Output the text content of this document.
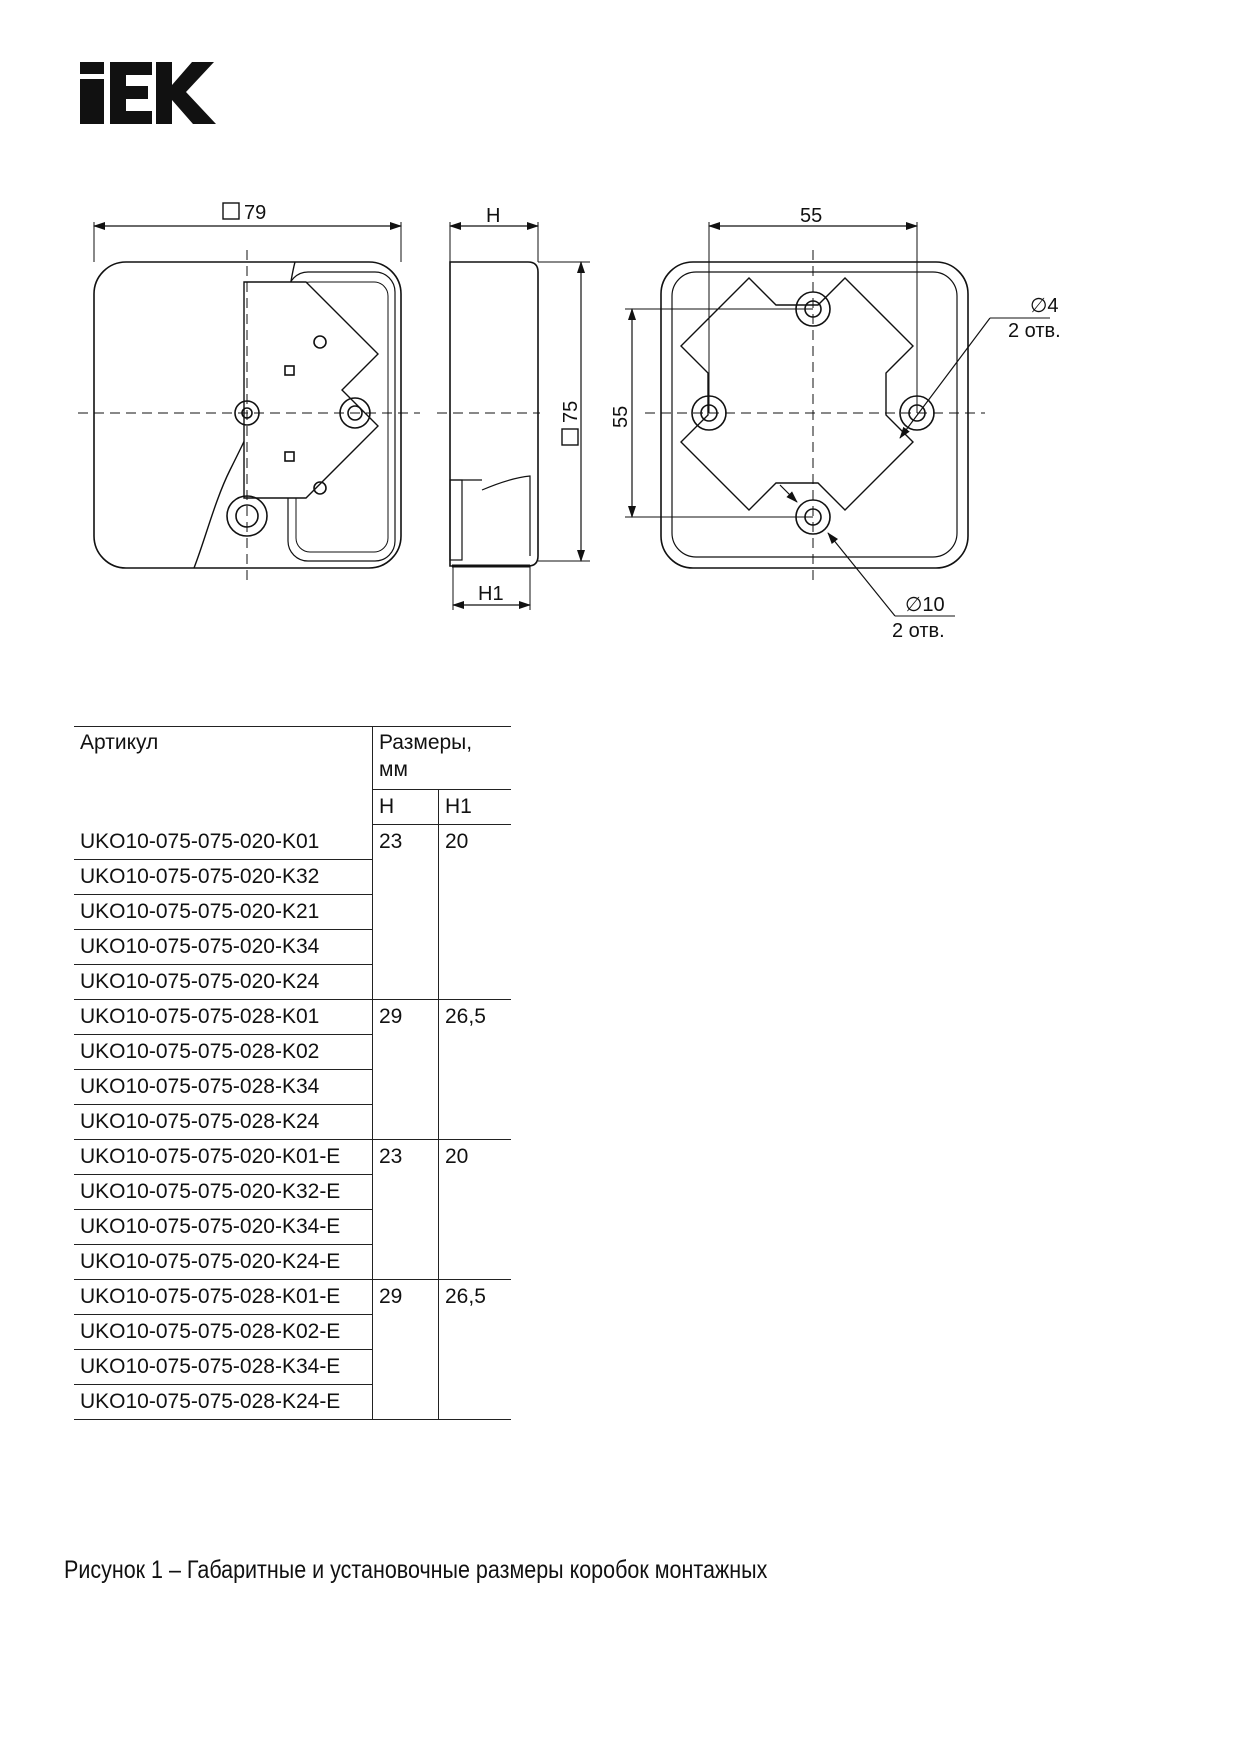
79	H
H1
75
55
55
∅4
2 отв.
∅10
2 отв.
Артикул	Размеры,
мм	
	H	H1
UKO10-075-075-020-K01	23	20
UKO10-075-075-020-K32		
UKO10-075-075-020-K21		
UKO10-075-075-020-K34		
UKO10-075-075-020-K24		
UKO10-075-075-028-K01	29	26,5
UKO10-075-075-028-K02		
UKO10-075-075-028-K34		
UKO10-075-075-028-K24		
UKO10-075-075-020-K01-E	23	20
UKO10-075-075-020-K32-E		
UKO10-075-075-020-K34-E		
UKO10-075-075-020-K24-E		
UKO10-075-075-028-K01-E	29	26,5
UKO10-075-075-028-K02-E		
UKO10-075-075-028-K34-E		
UKO10-075-075-028-K24-E		
Рисунок 1 – Габаритные и установочные размеры коробок монтажных
